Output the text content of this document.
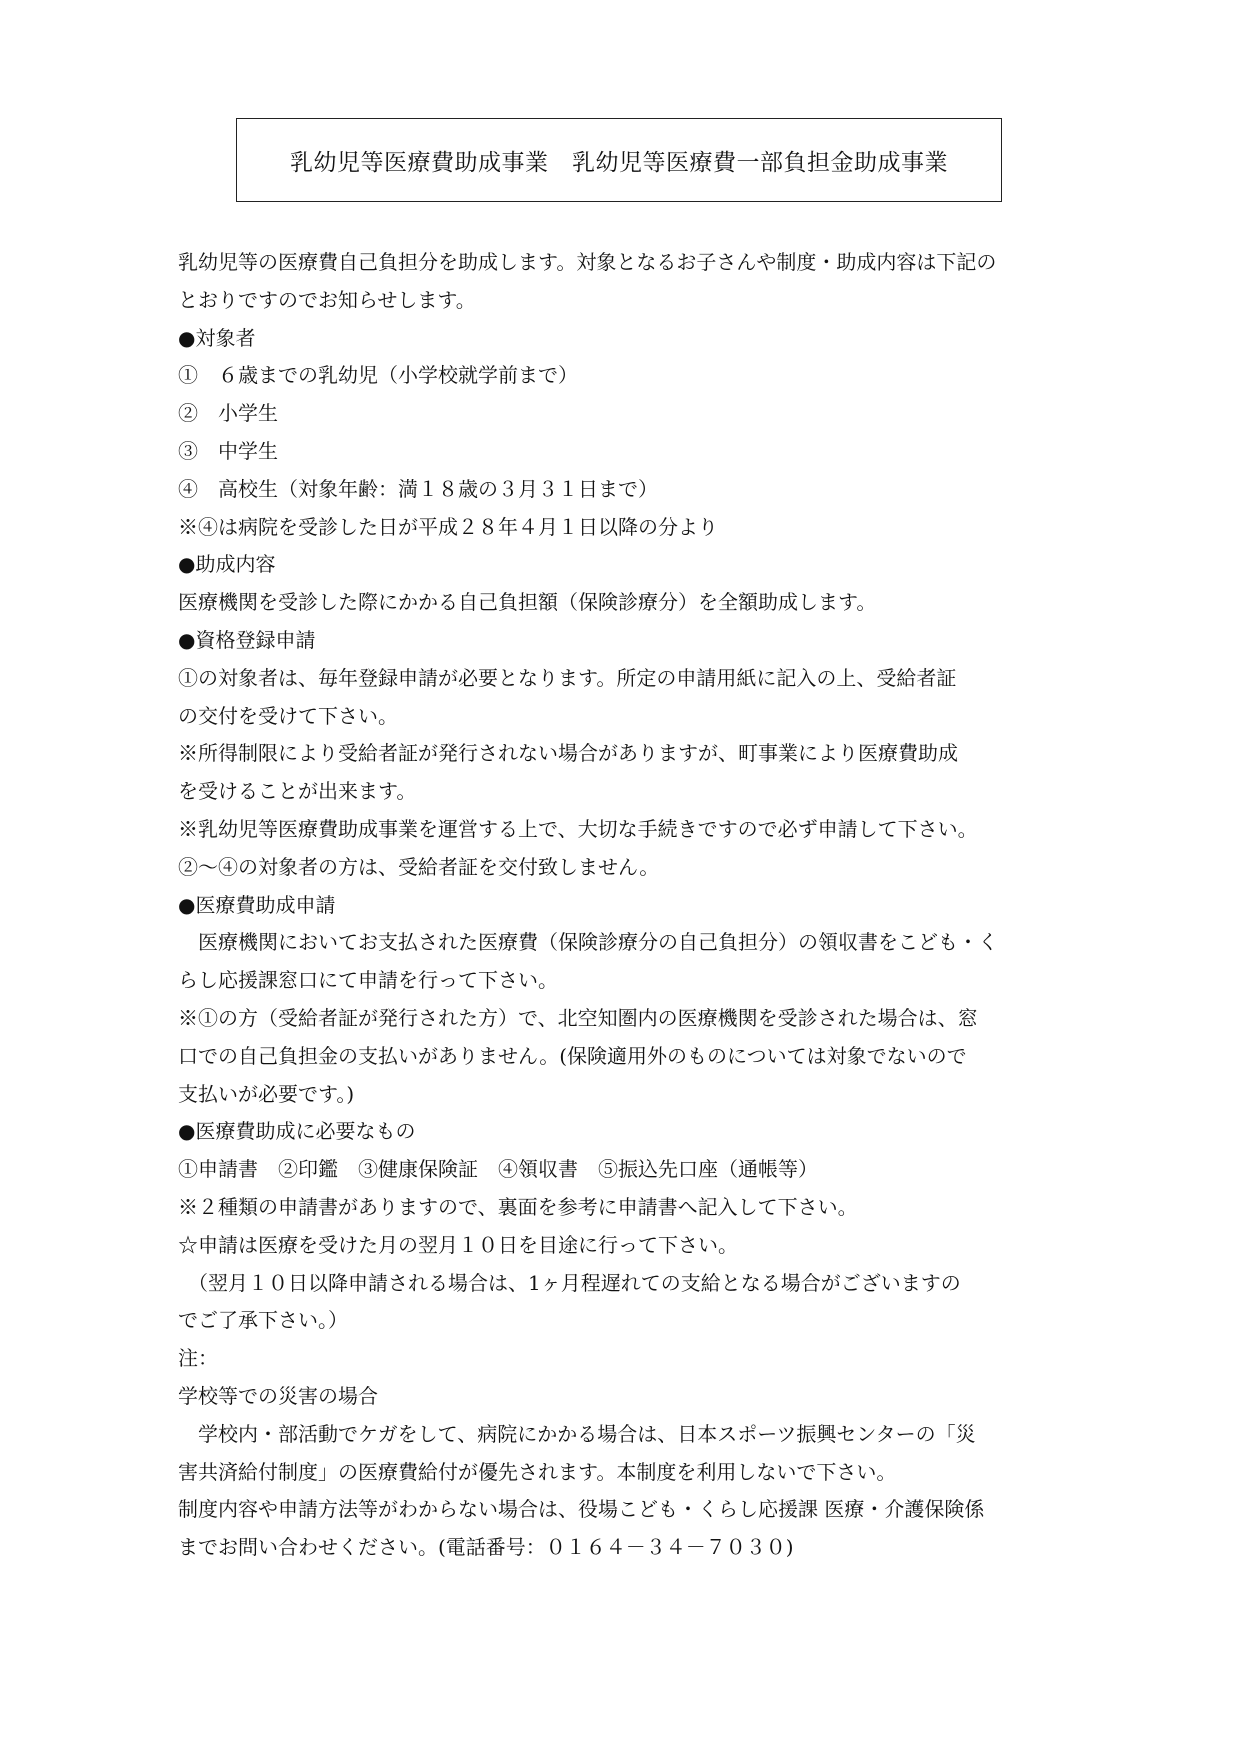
乳幼児等医療費助成事業　乳幼児等医療費一部負担金助成事業
乳幼児等の医療費自己負担分を助成します。対象となるお子さんや制度・助成内容は下記の
とおりですのでお知らせします。
●対象者
①　６歳までの乳幼児（小学校就学前まで）
②　小学生
③　中学生
④　高校生（対象年齢：満１８歳の３月３１日まで）
※④は病院を受診した日が平成２８年４月１日以降の分より
●助成内容
医療機関を受診した際にかかる自己負担額（保険診療分）を全額助成します。
●資格登録申請
①の対象者は、毎年登録申請が必要となります。所定の申請用紙に記入の上、受給者証
の交付を受けて下さい。
※所得制限により受給者証が発行されない場合がありますが、町事業により医療費助成
を受けることが出来ます。
※乳幼児等医療費助成事業を運営する上で、大切な手続きですので必ず申請して下さい。
②～④の対象者の方は、受給者証を交付致しません。
●医療費助成申請
　医療機関においてお支払された医療費（保険診療分の自己負担分）の領収書をこども・く
らし応援課窓口にて申請を行って下さい。
※①の方（受給者証が発行された方）で、北空知圏内の医療機関を受診された場合は、窓
口での自己負担金の支払いがありません。(保険適用外のものについては対象でないので
支払いが必要です。)
●医療費助成に必要なもの
①申請書　②印鑑　③健康保険証　④領収書　⑤振込先口座（通帳等）
※２種類の申請書がありますので、裏面を参考に申請書へ記入して下さい。
☆申請は医療を受けた月の翌月１０日を目途に行って下さい。
　（翌月１０日以降申請される場合は、1ヶ月程遅れての支給となる場合がございますの
でご了承下さい。）
注：
学校等での災害の場合
　学校内・部活動でケガをして、病院にかかる場合は、日本スポーツ振興センターの「災
害共済給付制度」の医療費給付が優先されます。本制度を利用しないで下さい。
制度内容や申請方法等がわからない場合は、役場こども・くらし応援課 医療・介護保険係
までお問い合わせください。(電話番号：０１６４－３４－７０３０)
